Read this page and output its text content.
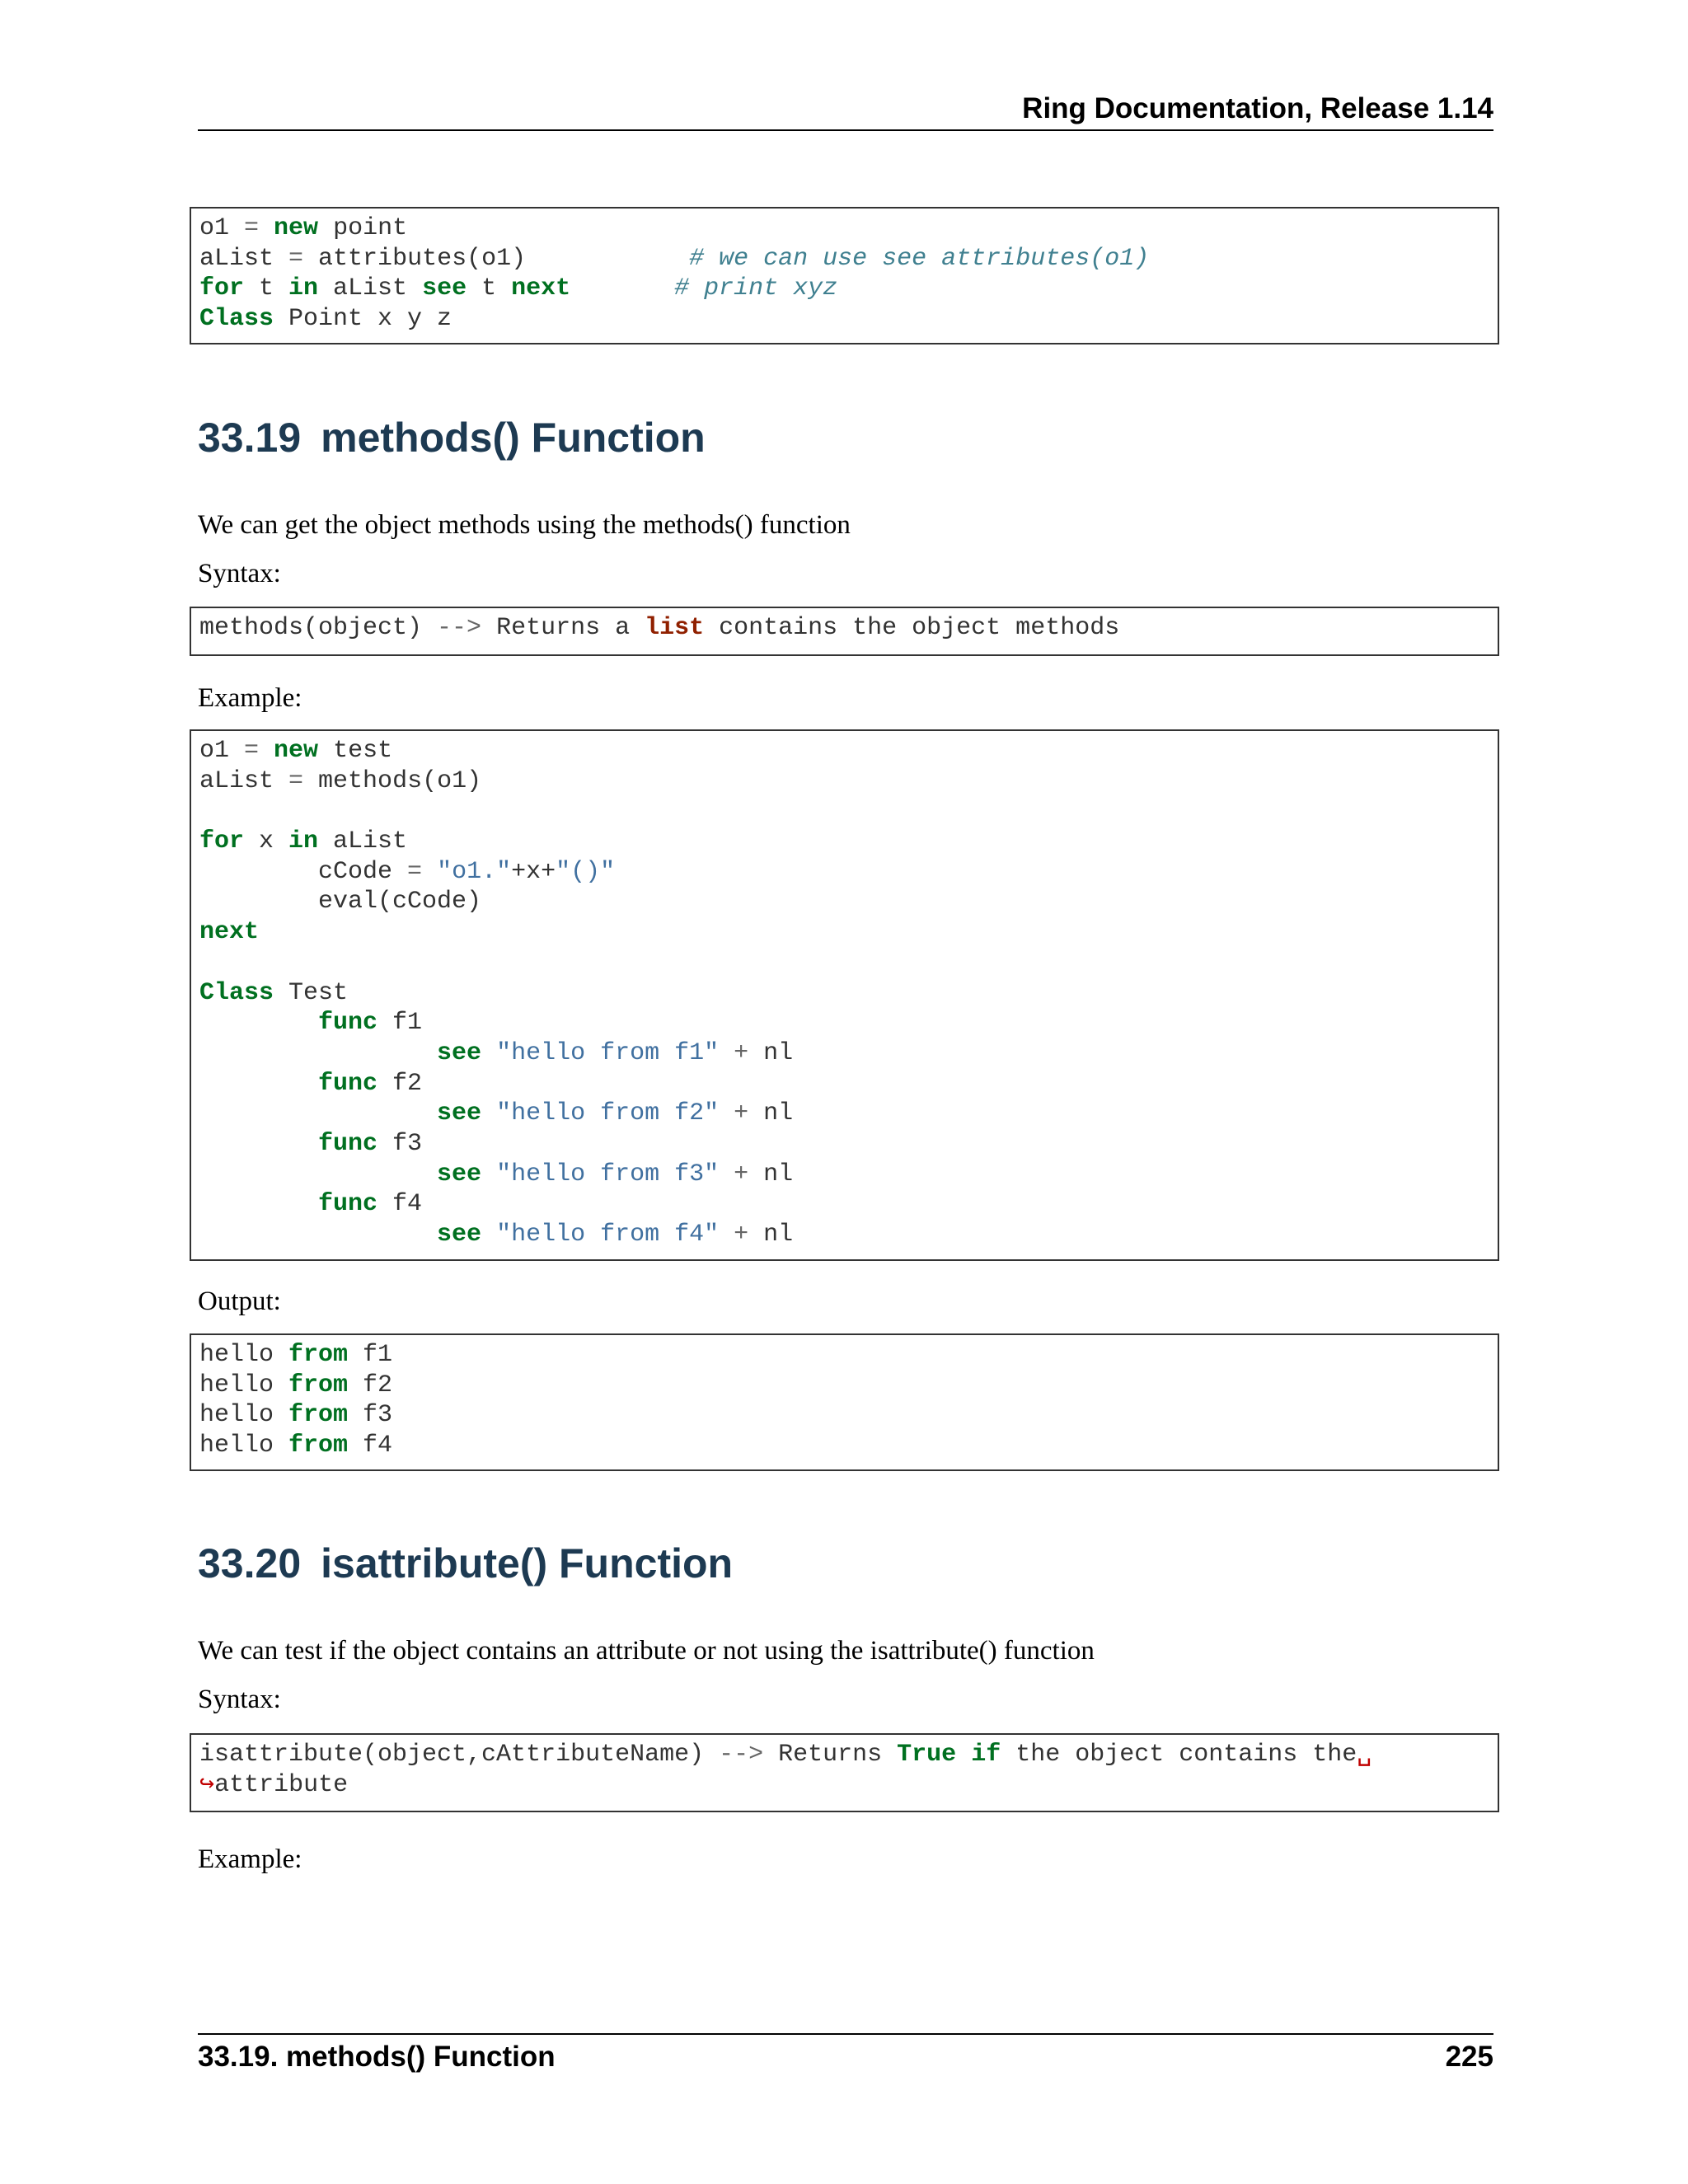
Ring Documentation, Release 1.14
o1 = new point
aList = attributes(o1)           # we can use see attributes(o1)
for t in aList see t next	# print xyz
Class Point x y z
33.19 methods() Function
We can get the object methods using the methods() function
Syntax:
methods(object) --> Returns a list contains the object methods
Example:
o1 = new test
aList = methods(o1)
for x in aList
cCode = "o1."+x+"()"
eval(cCode)
next
Class Test
func f1
see "hello from f1" + nl
func f2
see "hello from f2" + nl
func f3
see "hello from f3" + nl
func f4
see "hello from f4" + nl
Output:
hello from f1
hello from f2
hello from f3
hello from f4
33.20 isattribute() Function
We can test if the object contains an attribute or not using the isattribute() function
Syntax:
isattribute(object,cAttributeName) --> Returns True if the object contains the␣
↪attribute
Example:
33.19. methods() Function	225
